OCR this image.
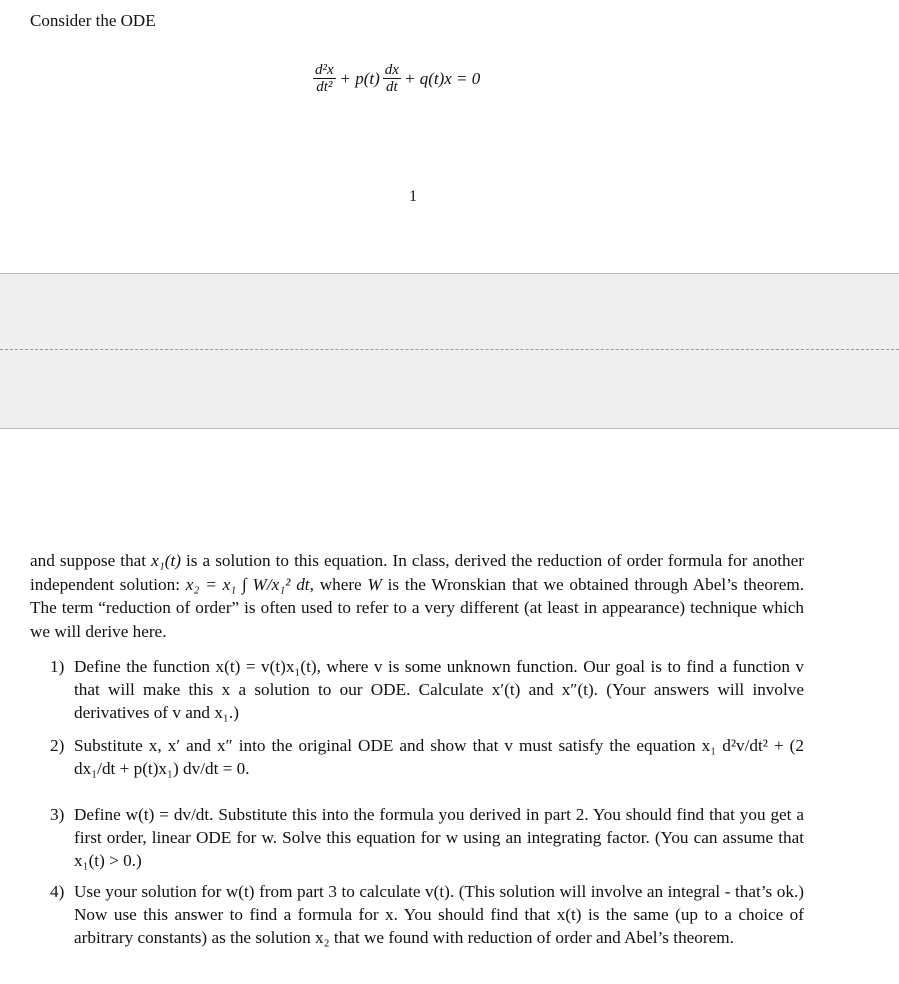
Consider the ODE
$\frac{\text{d²x}}{\text{dt²}} + p(t) \frac{dx}{dt} + q(t)x = 0$
1
and suppose that x₁(t) is a solution to this equation. In class, derived the reduction of order formula for another independent solution: x₂ = x₁ ∫ W/x₁² dt, where W is the Wronskian that we obtained through Abel’s theorem. The term “reduction of order” is often used to refer to a very different (at least in appearance) technique which we will derive here.
1) Define the function x(t) = v(t)x₁(t), where v is some unknown function. Our goal is to find a function v that will make this x a solution to our ODE. Calculate x′(t) and x″(t). (Your answers will involve derivatives of v and x₁.)
2) Substitute x, x′ and x″ into the original ODE and show that v must satisfy the equation x₁ d²v/dt² + (2 dx₁/dt + p(t)x₁) dv/dt = 0.
3) Define w(t) = dv/dt. Substitute this into the formula you derived in part 2. You should find that you get a first order, linear ODE for w. Solve this equation for w using an integrating factor. (You can assume that x₁(t) > 0.)
4) Use your solution for w(t) from part 3 to calculate v(t). (This solution will involve an integral - that’s ok.) Now use this answer to find a formula for x. You should find that x(t) is the same (up to a choice of arbitrary constants) as the solution x₂ that we found with reduction of order and Abel’s theorem.
